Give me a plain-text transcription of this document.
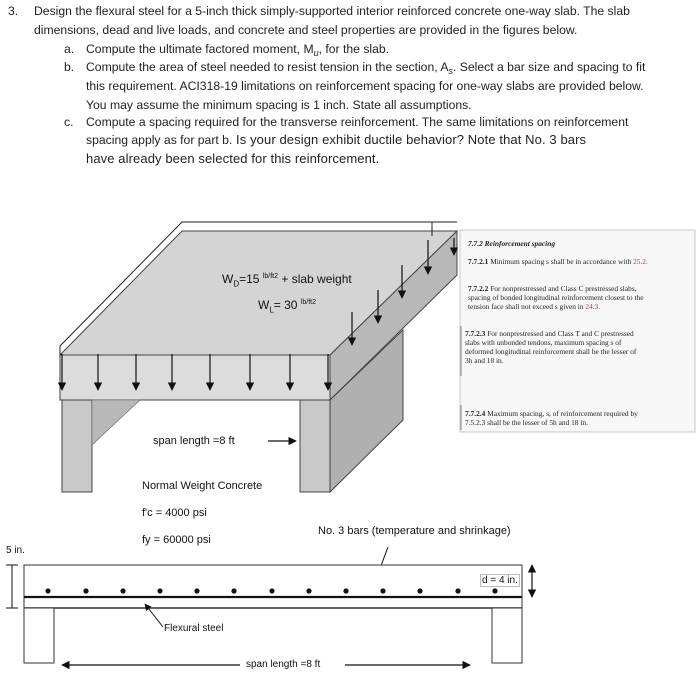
3. Design the flexural steel for a 5-inch thick simply-supported interior reinforced concrete one-way slab. The slab
dimensions, dead and live loads, and concrete and steel properties are provided in the figures below.
a. Compute the ultimate factored moment, $M_u$, for the slab.
b. Compute the area of steel needed to resist tension in the section, $A_s$. Select a bar size and spacing to fit
this requirement. ACI318-19 limitations on reinforcement spacing for one-way slabs are provided below.
You may assume the minimum spacing is 1 inch. State all assumptions.
c. Compute a spacing required for the transverse reinforcement. The same limitations on reinforcement
spacing apply as for part b. Is your design exhibit ductile behavior? Note that No. 3 bars
have already been selected for this reinforcement.
$W_D=15$ $^{lb/ft2}$ + slab weight
$W_L= 30$ $^{lb/ft2}$
span length =8 ft
Normal Weight Concrete
f'c = 4000 psi
fy = 60000 psi
No. 3 bars (temperature and shrinkage)
5 in.
d = 4 in.
Flexural steel
span length =8 ft
7.7.2 Reinforcement spacing
7.7.2.1 Minimum spacing s shall be in accordance with 25.2.
7.7.2.2 For nonprestressed and Class C prestressed slabs,
spacing of bonded longitudinal reinforcement closest to the
tension face shall not exceed s given in 24.3.
7.7.2.3 For nonprestressed and Class T and C prestressed
slabs with unbonded tendons, maximum spacing s of
deformed longitudinal reinforcement shall be the lesser of
3h and 18 in.
7.7.2.4 Maximum spacing, s, of reinforcement required by
7.5.2.3 shall be the lesser of 5h and 18 in.
